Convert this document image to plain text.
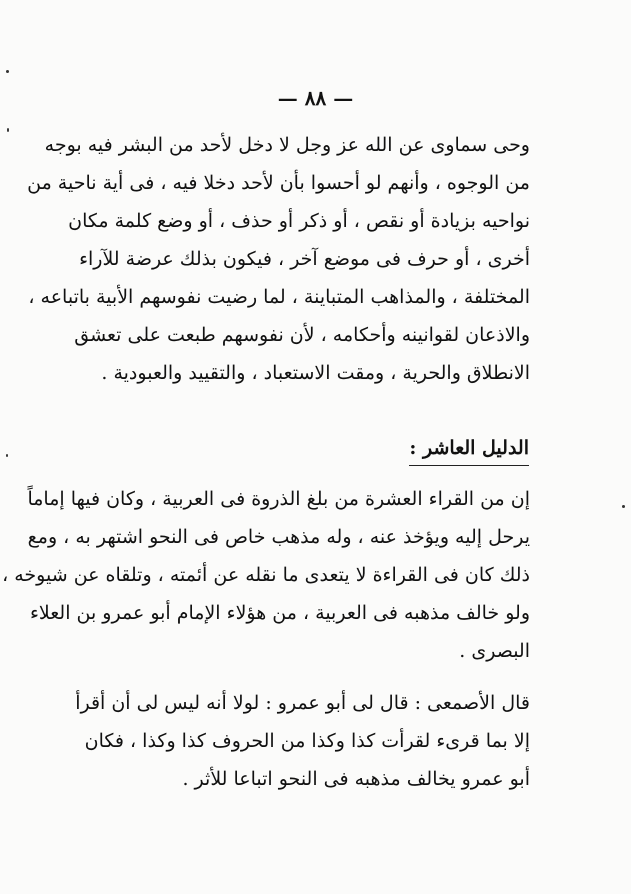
— ٨٨ —
وحى سماوى عن الله عز وجل لا دخل لأحد من البشر فيه بوجه
من الوجوه ، وأنهم لو أحسوا بأن لأحد دخلا فيه ، فى أية ناحية من
نواحيه بزيادة أو نقص ، أو ذكر أو حذف ، أو وضع كلمة مكان
أخرى ، أو حرف فى موضع آخر ، فيكون بذلك عرضة للآراء
المختلفة ، والمذاهب المتباينة ، لما رضيت نفوسهم الأبية باتباعه ،
والاذعان لقوانينه وأحكامه ، لأن نفوسهم طبعت على تعشق
الانطلاق والحرية ، ومقت الاستعباد ، والتقييد والعبودية .
الدليل العاشر :
إن من القراء العشرة من بلغ الذروة فى العربية ، وكان فيها إماماً
يرحل إليه ويؤخذ عنه ، وله مذهب خاص فى النحو اشتهر به ، ومع
ذلك كان فى القراءة لا يتعدى ما نقله عن أئمته ، وتلقاه عن شيوخه ،
ولو خالف مذهبه فى العربية ، من هؤلاء الإمام أبو عمرو بن العلاء
البصرى .
قال الأصمعى : قال لى أبو عمرو : لولا أنه ليس لى أن أقرأ
إلا بما قرىء لقرأت كذا وكذا من الحروف كذا وكذا ، فكان
أبو عمرو يخالف مذهبه فى النحو اتباعا للأثر .
